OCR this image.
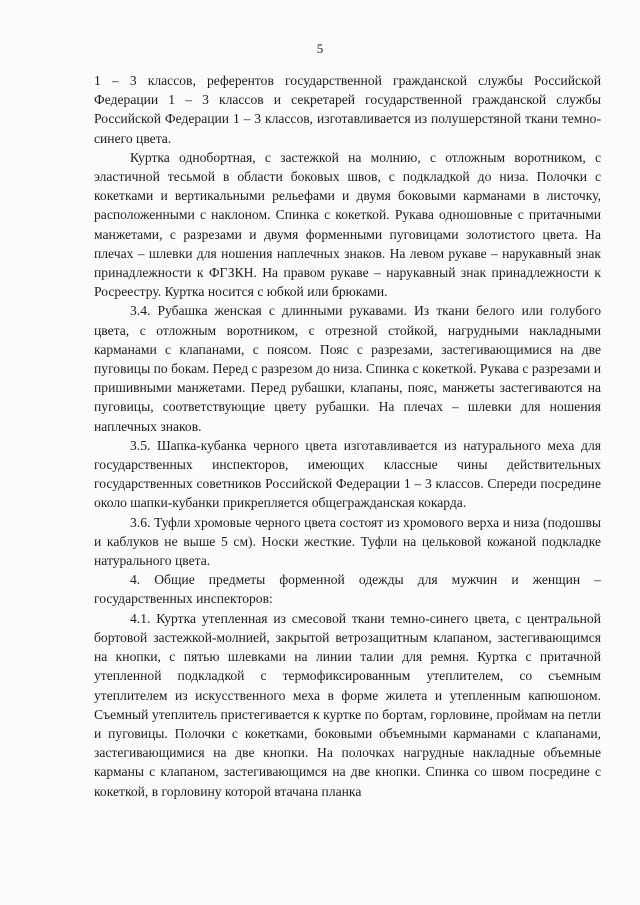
5

1 – 3 классов, референтов государственной гражданской службы Российской Федерации 1 – 3 классов и секретарей государственной гражданской службы Российской Федерации 1 – 3 классов, изготавливается из полушерстяной ткани темно-синего цвета.

Куртка однобортная, с застежкой на молнию, с отложным воротником, с эластичной тесьмой в области боковых швов, с подкладкой до низа. Полочки с кокетками и вертикальными рельефами и двумя боковыми карманами в листочку, расположенными с наклоном. Спинка с кокеткой. Рукава одношовные с притачными манжетами, с разрезами и двумя форменными пуговицами золотистого цвета. На плечах – шлевки для ношения наплечных знаков. На левом рукаве – нарукавный знак принадлежности к ФГЗКН. На правом рукаве – нарукавный знак принадлежности к Росреестру. Куртка носится с юбкой или брюками.

3.4. Рубашка женская с длинными рукавами. Из ткани белого или голубого цвета, с отложным воротником, с отрезной стойкой, нагрудными накладными карманами с клапанами, с поясом. Пояс с разрезами, застегивающимися на две пуговицы по бокам. Перед с разрезом до низа. Спинка с кокеткой. Рукава с разрезами и пришивными манжетами. Перед рубашки, клапаны, пояс, манжеты застегиваются на пуговицы, соответствующие цвету рубашки. На плечах – шлевки для ношения наплечных знаков.

3.5. Шапка-кубанка черного цвета изготавливается из натурального меха для государственных инспекторов, имеющих классные чины действительных государственных советников Российской Федерации 1 – 3 классов. Спереди посредине около шапки-кубанки прикрепляется общегражданская кокарда.

3.6. Туфли хромовые черного цвета состоят из хромового верха и низа (подошвы и каблуков не выше 5 см). Носки жесткие. Туфли на цельковой кожаной подкладке натурального цвета.

4. Общие предметы форменной одежды для мужчин и женщин – государственных инспекторов:

4.1. Куртка утепленная из смесовой ткани темно-синего цвета, с центральной бортовой застежкой-молнией, закрытой ветрозащитным клапаном, застегивающимся на кнопки, с пятью шлевками на линии талии для ремня. Куртка с притачной утепленной подкладкой с термофиксированным утеплителем, со съемным утеплителем из искусственного меха в форме жилета и утепленным капюшоном. Съемный утеплитель пристегивается к куртке по бортам, горловине, проймам на петли и пуговицы. Полочки с кокетками, боковыми объемными карманами с клапанами, застегивающимися на две кнопки. На полочках нагрудные накладные объемные карманы с клапаном, застегивающимся на две кнопки. Спинка со швом посредине с кокеткой, в горловину которой втачана планка
